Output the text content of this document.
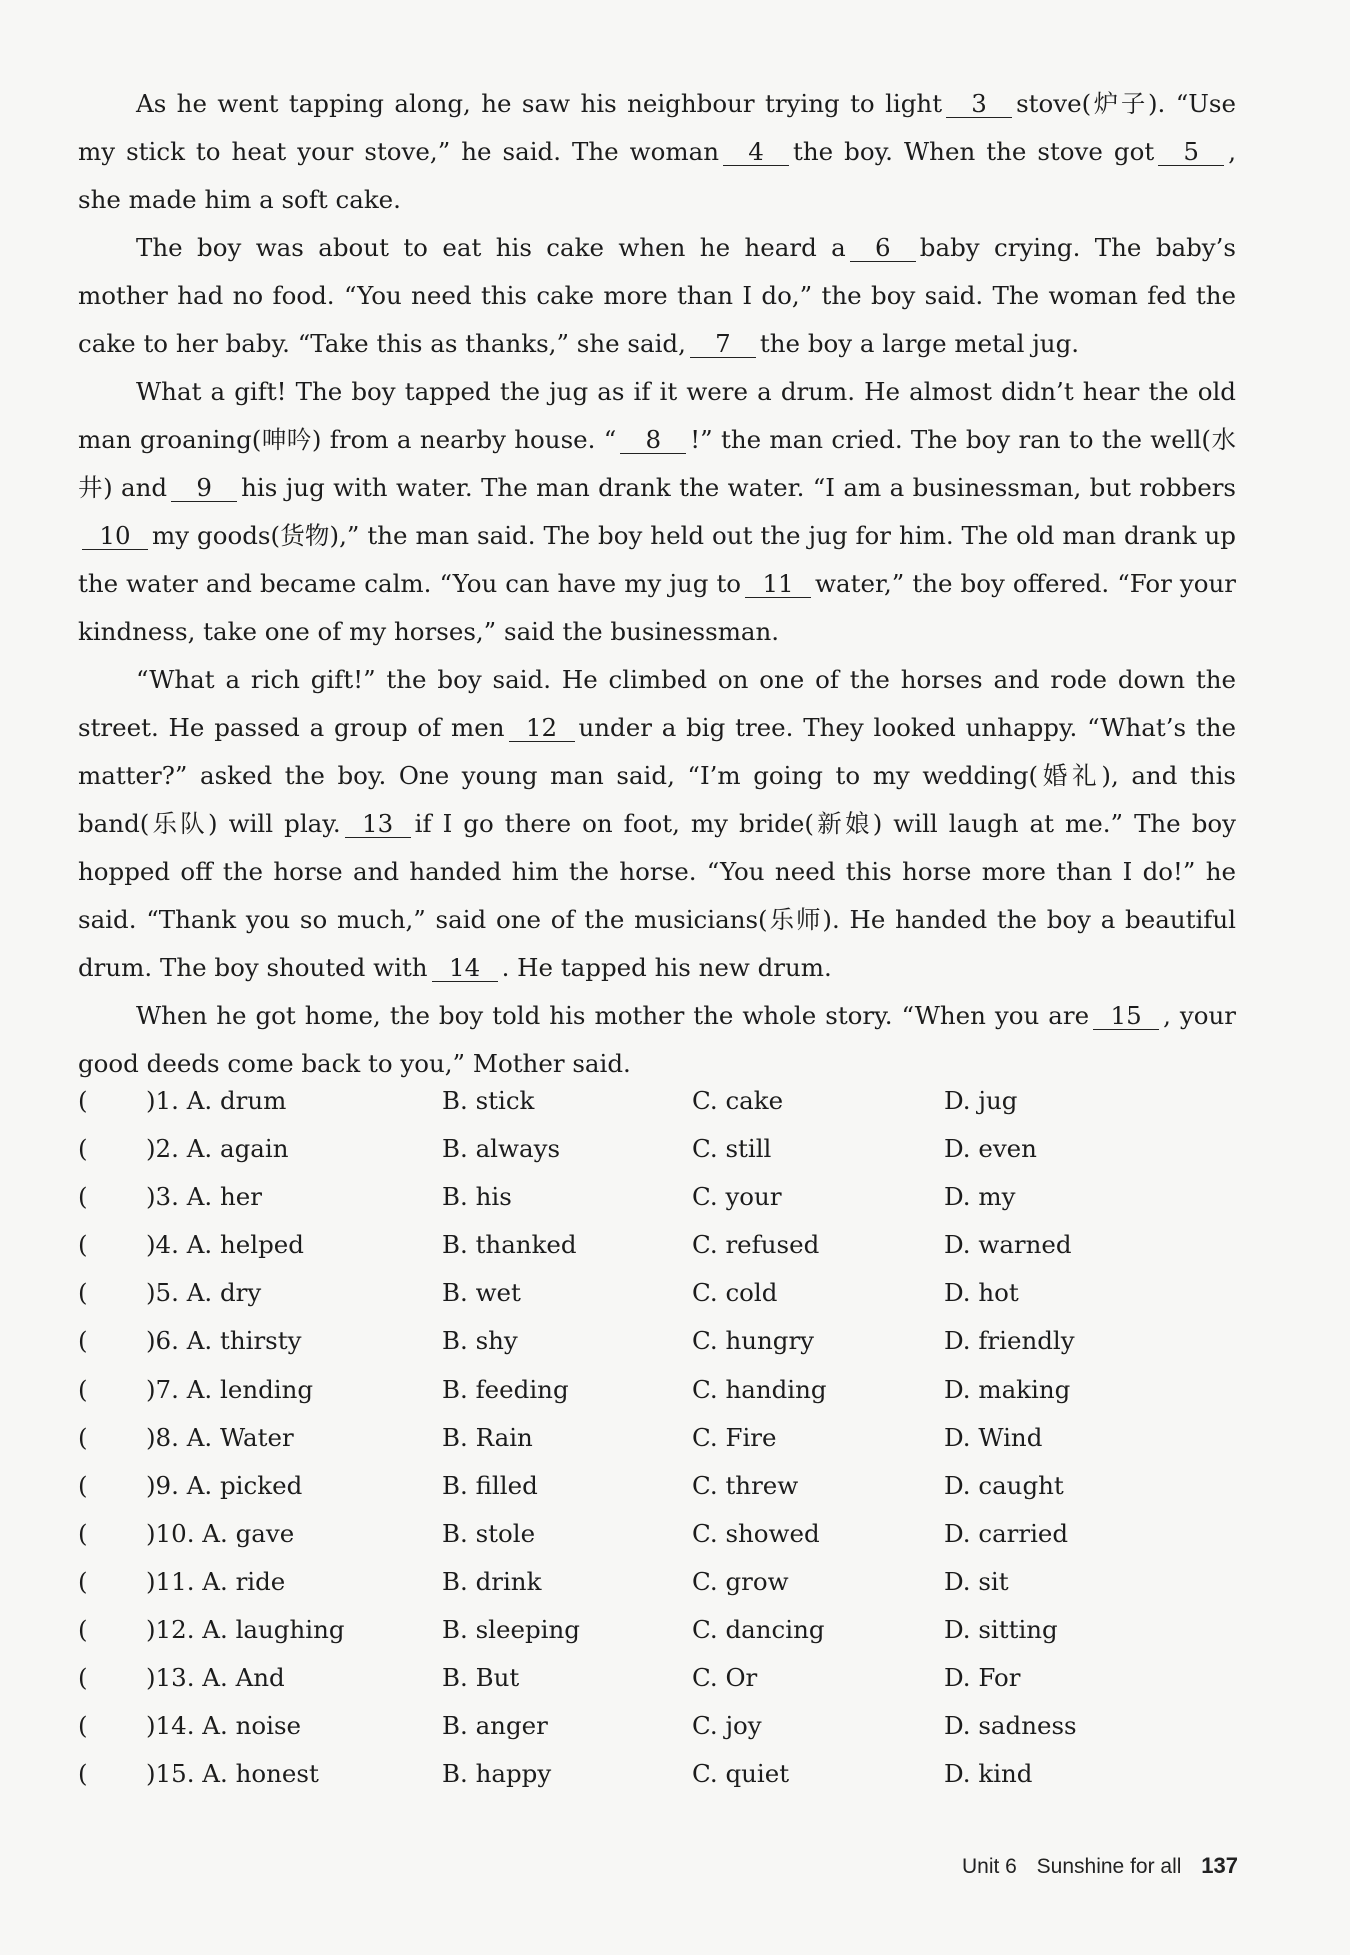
As he went tapping along, he saw his neighbour trying to light 3 stove(炉子). “Use my stick to heat your stove,” he said. The woman 4 the boy. When the stove got 5 , she made him a soft cake.

The boy was about to eat his cake when he heard a 6 baby crying. The baby’s mother had no food. “You need this cake more than I do,” the boy said. The woman fed the cake to her baby. “Take this as thanks,” she said, 7 the boy a large metal jug.

What a gift! The boy tapped the jug as if it were a drum. He almost didn’t hear the old man groaning(呻吟) from a nearby house. “ 8 !” the man cried. The boy ran to the well(水井) and 9 his jug with water. The man drank the water. “I am a businessman, but robbers10 my goods(货物),” the man said. The boy held out the jug for him. The old man drank up the water and became calm. “You can have my jug to 11 water,” the boy offered. “For your kindness, take one of my horses,” said the businessman.

“What a rich gift!” the boy said. He climbed on one of the horses and rode down the street. He passed a group of men 12 under a big tree. They looked unhappy. “What’s the matter?” asked the boy. One young man said, “I’m going to my wedding(婚礼), and this band(乐队) will play. 13 if I go there on foot, my bride(新娘) will laugh at me.” The boy hopped off the horse and handed him the horse. “You need this horse more than I do!” he said. “Thank you so much,” said one of the musicians(乐师). He handed the boy a beautiful drum. The boy shouted with 14 . He tapped his new drum.

When he got home, the boy told his mother the whole story. “When you are 15 , your good deeds come back to you,” Mother said.

( )1. A. drum	B. stick	C. cake	D. jug
( )2. A. again	B. always	C. still	D. even
( )3. A. her	B. his	C. your	D. my
( )4. A. helped	B. thanked	C. refused	D. warned
( )5. A. dry	B. wet	C. cold	D. hot
( )6. A. thirsty	B. shy	C. hungry	D. friendly
( )7. A. lending	B. feeding	C. handing	D. making
( )8. A. Water	B. Rain	C. Fire	D. Wind
( )9. A. picked	B. filled	C. threw	D. caught
( )10. A. gave	B. stole	C. showed	D. carried
( )11. A. ride	B. drink	C. grow	D. sit
( )12. A. laughing	B. sleeping	C. dancing	D. sitting
( )13. A. And	B. But	C. Or	D. For
( )14. A. noise	B. anger	C. joy	D. sadness
( )15. A. honest	B. happy	C. quiet	D. kind
Unit 6 Sunshine for all 137
